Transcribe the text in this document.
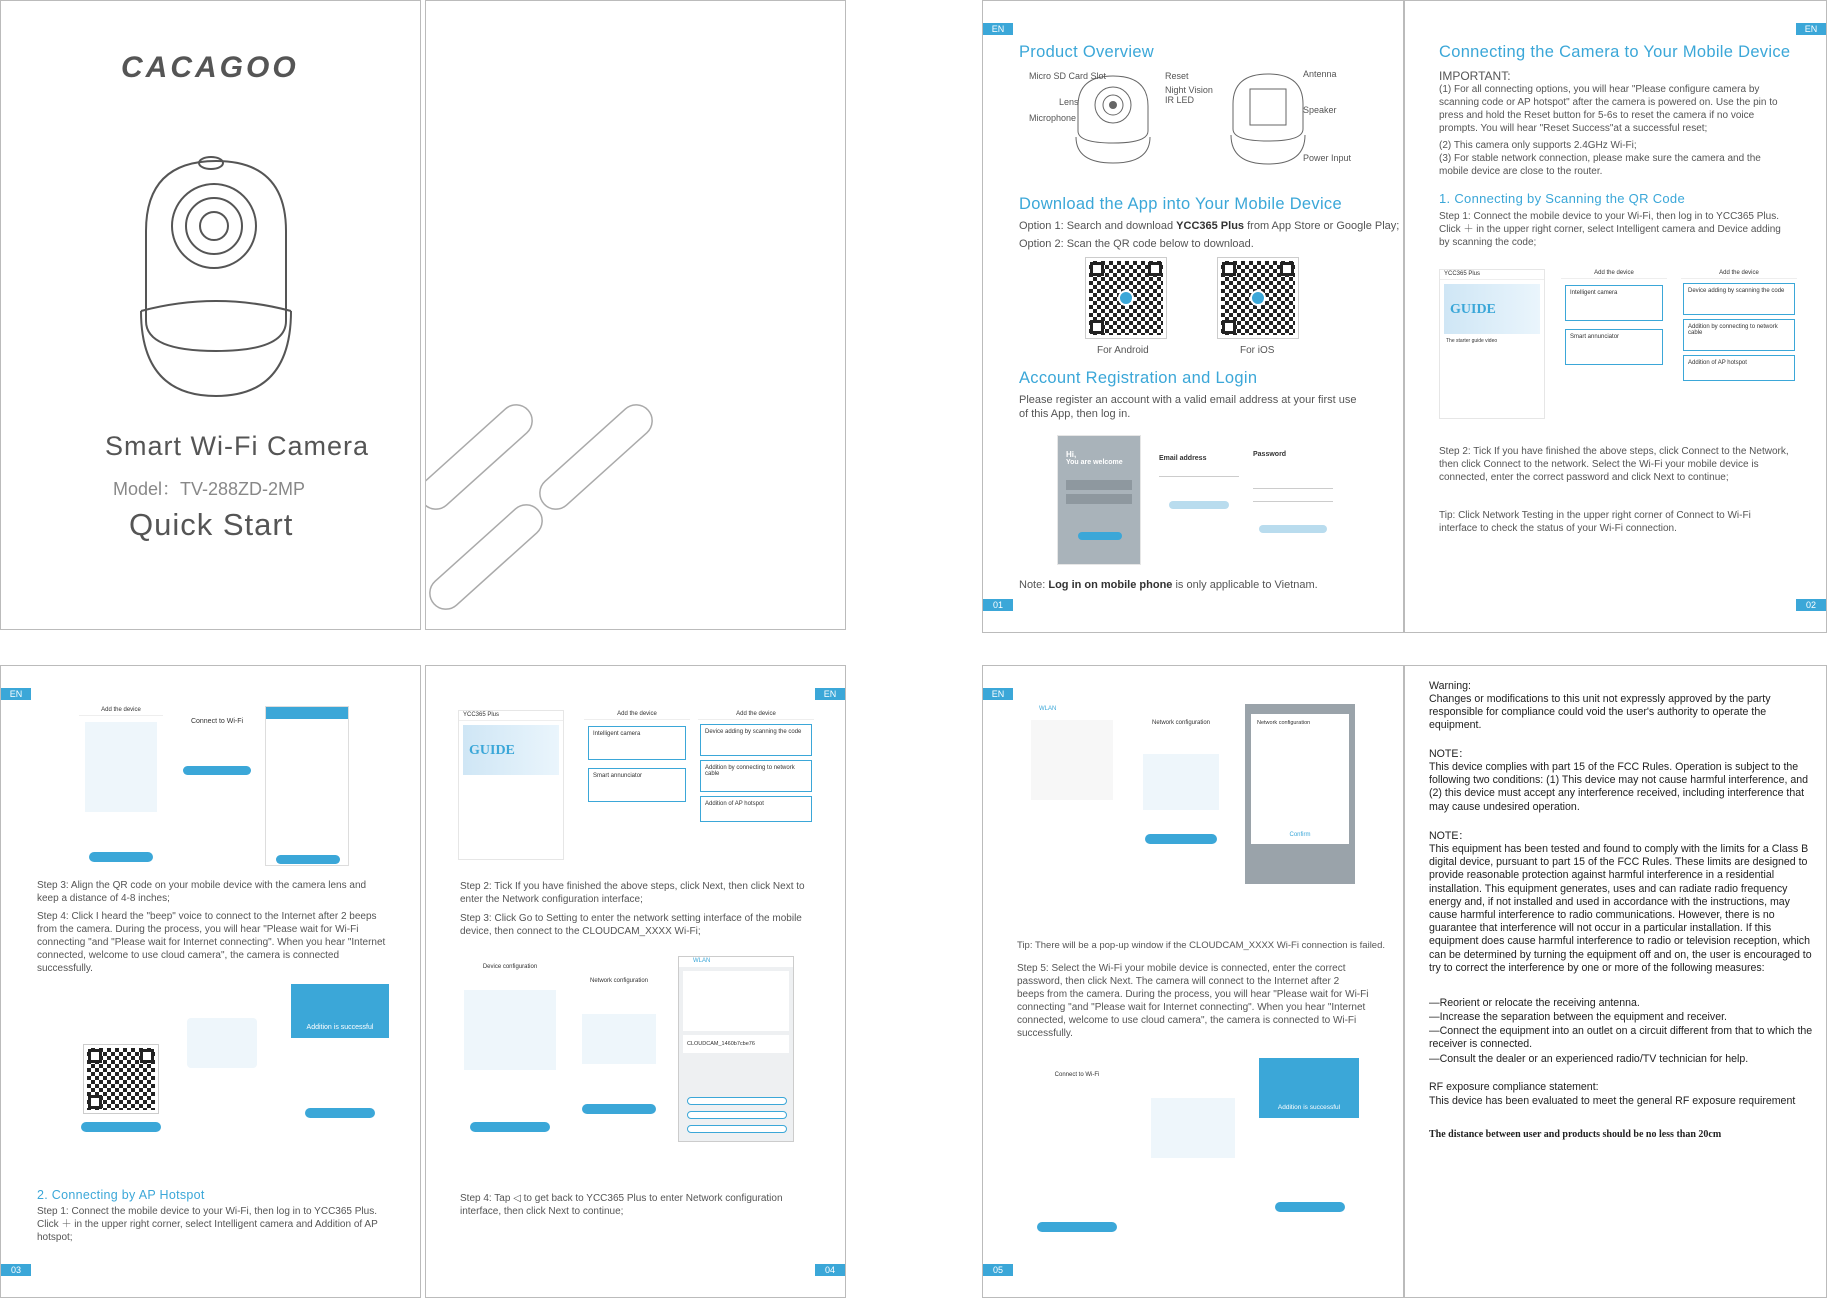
CACAGOO
Smart Wi-Fi Camera
Model：TV-288ZD-2MP
Quick Start
EN
Product Overview
Micro SD Card Slot	Reset
Night Vision
IR LED
Lens
Microphone
Antenna
Speaker
Power Input
Download the App into Your Mobile Device
Option 1: Search and download YCC365 Plus from App Store or Google Play;
Option 2: Scan the QR code below to download.
For Android	For iOS
Account Registration and Login
Please register an account with a valid email address at your first use of this App, then log in.
Hi,
You are welcome
Email address
Password
Note: Log in on mobile phone is only applicable to Vietnam.
01
EN
Connecting the Camera to Your Mobile Device
IMPORTANT:
(1) For all connecting options, you will hear "Please configure camera by scanning code or AP hotspot" after the camera is powered on. Use the pin to press and hold the Reset button for 5-6s to reset the camera if no voice prompts. You will hear "Reset Success"at a successful reset;
(2) This camera only supports 2.4GHz Wi-Fi;
(3) For stable network connection, please make sure the camera and the mobile device are close to the router.
1. Connecting by Scanning the QR Code
Step 1: Connect the mobile device to your Wi-Fi, then log in to YCC365 Plus. Click ＋ in the upper right corner, select Intelligent camera and Device adding by scanning the code;
YCC365 Plus
GUIDE
The starter guide video
Add the device
Intelligent camera
Smart annunciator
Add the device
Device adding by scanning the code
Addition by connecting to network cable
Addition of AP hotspot
Step 2: Tick If you have finished the above steps, click Connect to the Network, then click Connect to the network. Select the Wi-Fi your mobile device is connected, enter the correct password and click Next to continue;
Tip: Click Network Testing in the upper right corner of Connect to Wi-Fi interface to check the status of your Wi-Fi connection.
02
EN
Add the device
Connect to Wi-Fi
Step 3: Align the QR code on your mobile device with the camera lens and keep a distance of 4-8 inches;
Step 4: Click I heard the "beep" voice to connect to the Internet after 2 beeps from the camera. During the process, you will hear "Please wait for Wi-Fi connecting "and "Please wait for Internet connecting". When you hear "Internet connected, welcome to use cloud camera", the camera is connected successfully.
Addition is successful
2. Connecting by AP Hotspot
Step 1: Connect the mobile device to your Wi-Fi, then log in to YCC365 Plus. Click ＋ in the upper right corner, select Intelligent camera and Addition of AP hotspot;
03
EN
YCC365 Plus
GUIDE
Add the device
Intelligent camera
Smart annunciator
Add the device
Device adding by scanning the code
Addition by connecting to network cable
Addition of AP hotspot
Step 2: Tick If you have finished the above steps, click Next, then click Next to enter the Network configuration interface;
Step 3: Click Go to Setting to enter the network setting interface of the mobile device, then connect to the CLOUDCAM_XXXX Wi-Fi;
Device configuration
Network configuration
WLAN
CLOUDCAM_1460b7cbe76
Step 4: Tap ◁ to get back to YCC365 Plus to enter Network configuration interface, then click Next to continue;
04
EN
WLAN
Network configuration	Network configuration
Confirm
Tip: There will be a pop-up window if the CLOUDCAM_XXXX Wi-Fi connection is failed.
Step 5: Select the Wi-Fi your mobile device is connected, enter the correct password, then click Next. The camera will connect to the Internet after 2 beeps from the camera. During the process, you will hear "Please wait for Wi-Fi connecting "and "Please wait for Internet connecting". When you hear "Internet connected, welcome to use cloud camera", the camera is connected to Wi-Fi successfully.
Connect to Wi-Fi
Addition is successful
05
Warning:
Changes or modifications to this unit not expressly approved by the party responsible for compliance could void the user's authority to operate the equipment.
NOTE：
This device complies with part 15 of the FCC Rules. Operation is subject to the following two conditions: (1) This device may not cause harmful interference, and (2) this device must accept any interference received, including interference that may cause undesired operation.
NOTE：
This equipment has been tested and found to comply with the limits for a Class B digital device, pursuant to part 15 of the FCC Rules. These limits are designed to provide reasonable protection against harmful interference in a residential installation. This equipment generates, uses and can radiate radio frequency energy and, if not installed and used in accordance with the instructions, may cause harmful interference to radio communications. However, there is no guarantee that interference will not occur in a particular installation. If this equipment does cause harmful interference to radio or television reception, which can be determined by turning the equipment off and on, the user is encouraged to try to correct the interference by one or more of the following measures:
—Reorient or relocate the receiving antenna.
—Increase the separation between the equipment and receiver.
—Connect the equipment into an outlet on a circuit different from that to which the receiver is connected.
—Consult the dealer or an experienced radio/TV technician for help.
RF exposure compliance statement:
This device has been evaluated to meet the general RF exposure requirement
The distance between user and products should be no less than 20cm
